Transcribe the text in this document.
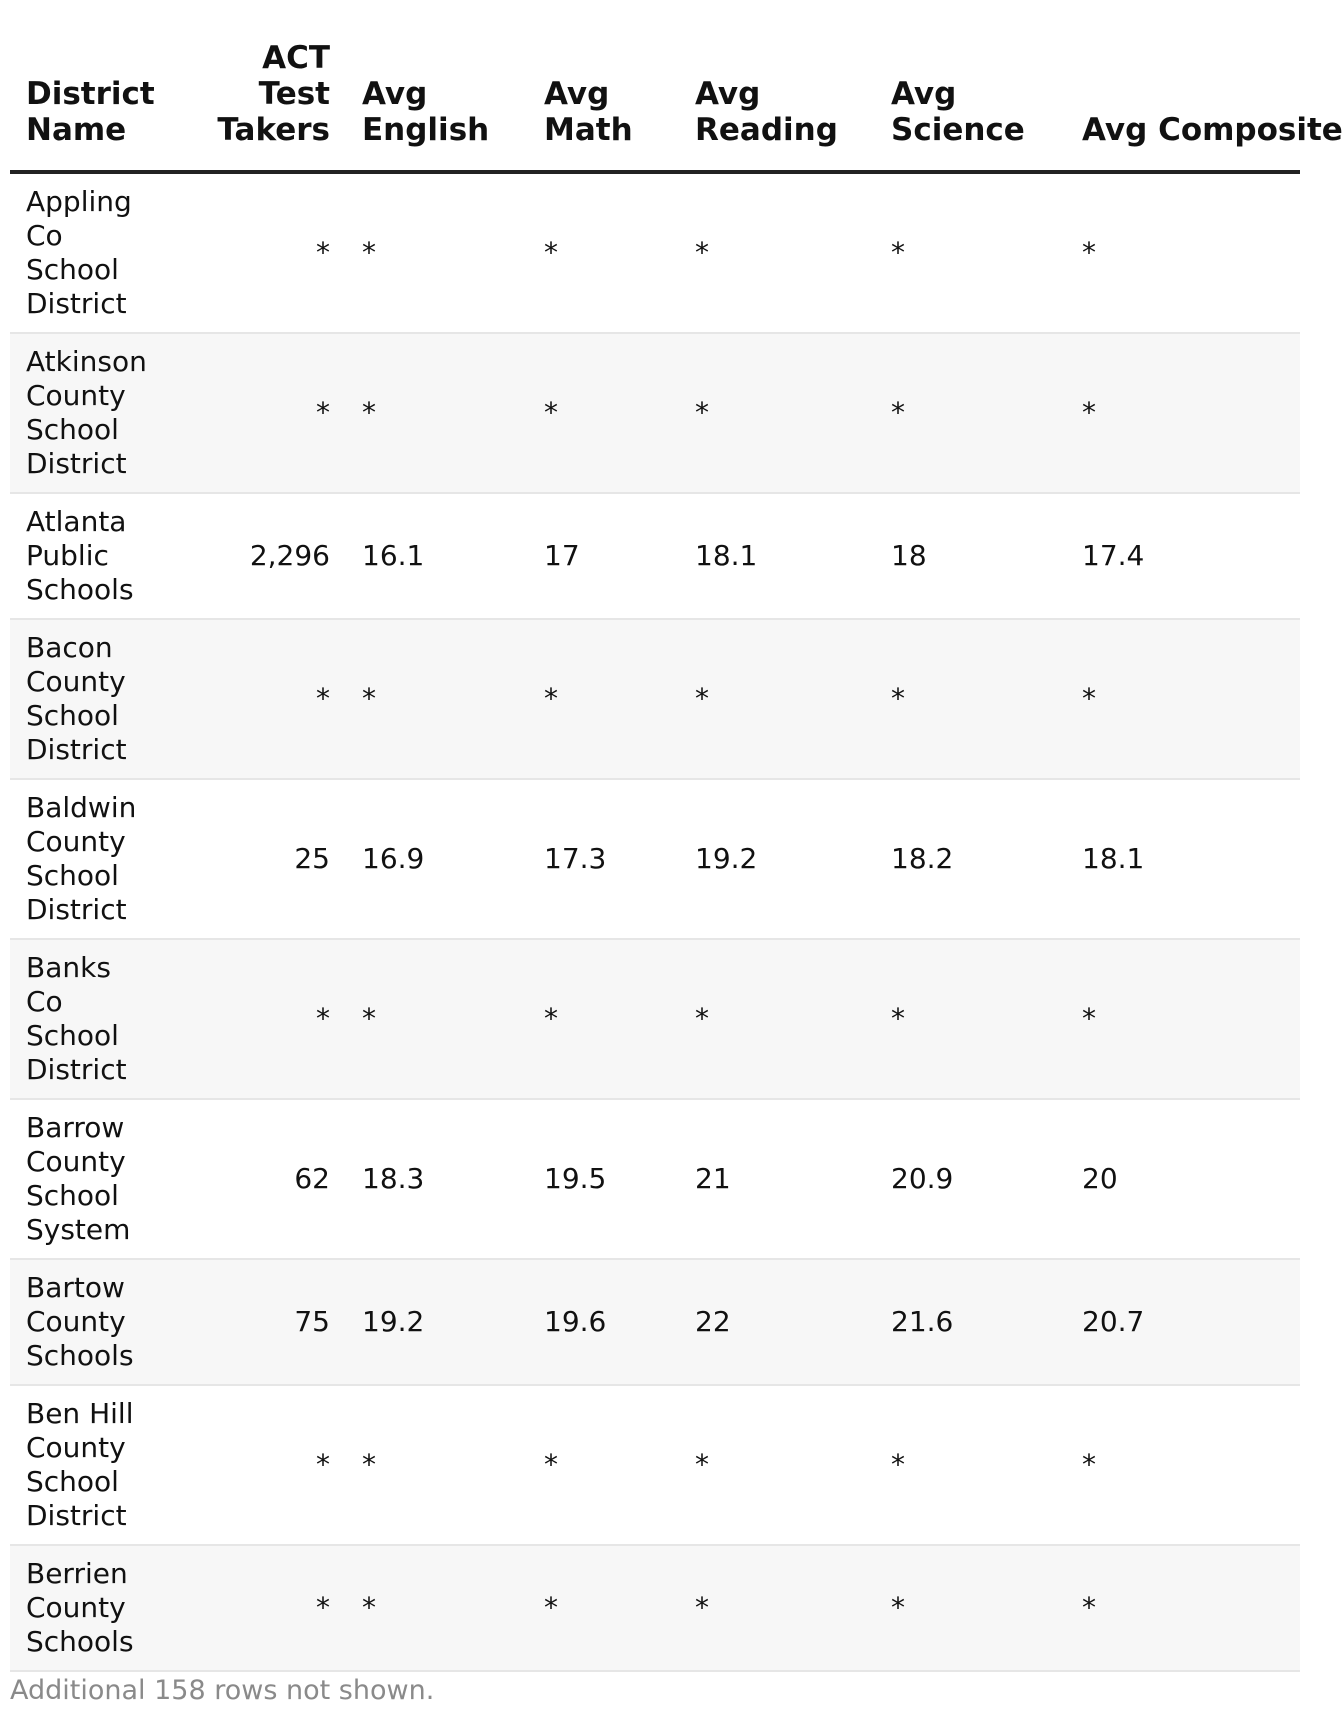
District Name	ACT Test Takers	Avg English	Avg Math	Avg Reading	Avg Science	Avg Composite

Appling Co School District	*	*	*	*	*	*

Atkinson County School District	*	*	*	*	*	*

Atlanta Public Schools	2,296	16.1	17	18.1	18	17.4

Bacon County School District	*	*	*	*	*	*

Baldwin County School District	25	16.9	17.3	19.2	18.2	18.1

Banks Co School District	*	*	*	*	*	*

Barrow County School System	62	18.3	19.5	21	20.9	20

Bartow County Schools	75	19.2	19.6	22	21.6	20.7

Ben Hill County School District	*	*	*	*	*	*

Berrien County Schools	*	*	*	*	*	*
Additional 158 rows not shown.
